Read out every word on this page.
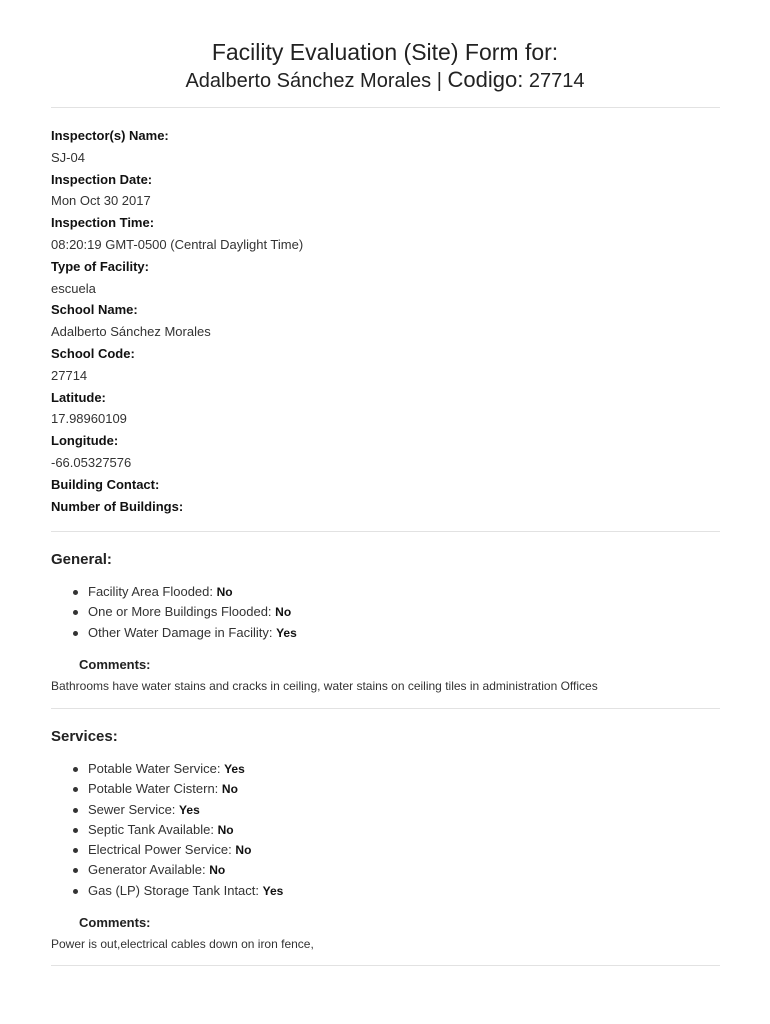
Facility Evaluation (Site) Form for:
Adalberto Sánchez Morales | Codigo: 27714
Inspector(s) Name:
SJ-04
Inspection Date:
Mon Oct 30 2017
Inspection Time:
08:20:19 GMT-0500 (Central Daylight Time)
Type of Facility:
escuela
School Name:
Adalberto Sánchez Morales
School Code:
27714
Latitude:
17.98960109
Longitude:
-66.05327576
Building Contact:
Number of Buildings:
General:
Facility Area Flooded: No
One or More Buildings Flooded: No
Other Water Damage in Facility: Yes
Comments:
Bathrooms have water stains and cracks in ceiling, water stains on ceiling tiles in administration Offices
Services:
Potable Water Service: Yes
Potable Water Cistern: No
Sewer Service: Yes
Septic Tank Available: No
Electrical Power Service: No
Generator Available: No
Gas (LP) Storage Tank Intact: Yes
Comments:
Power is out,electrical cables down on iron fence,
